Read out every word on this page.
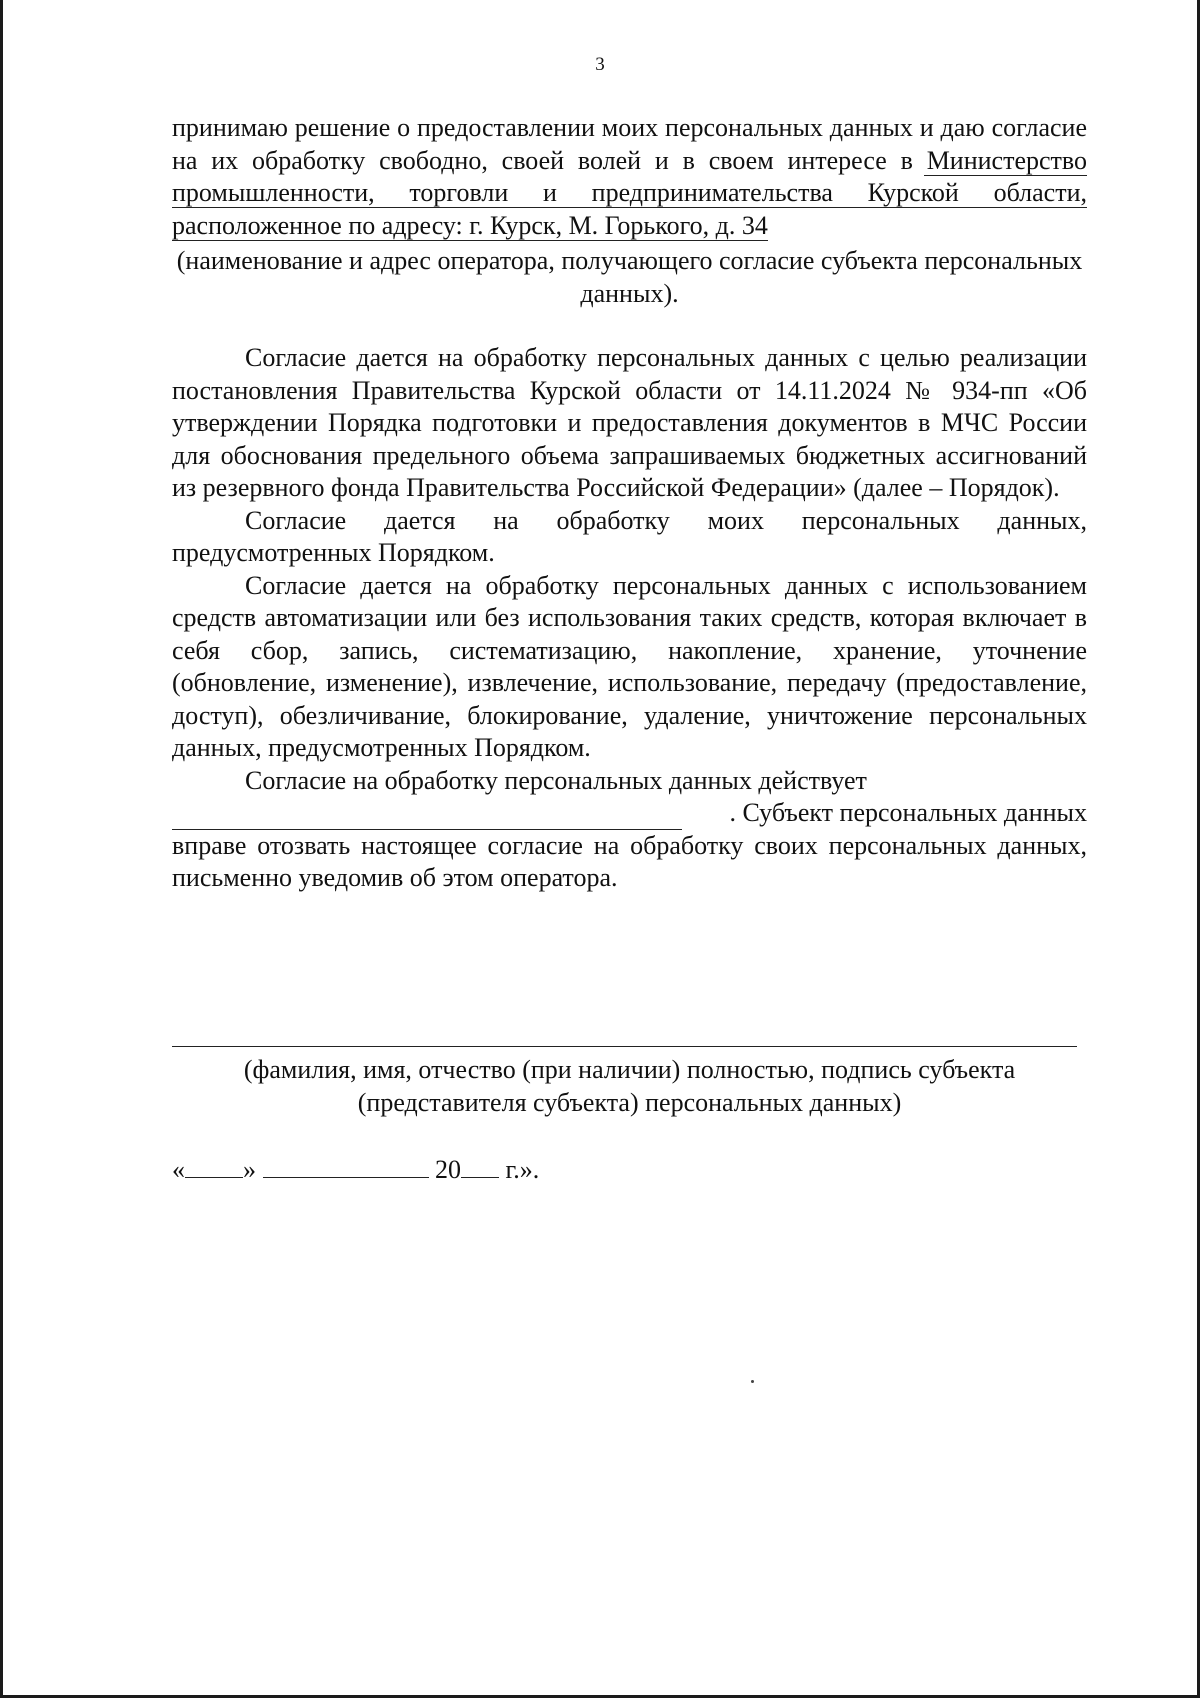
3

принимаю решение о предоставлении моих персональных данных и даю согласие на их обработку свободно, своей волей и в своем интересе в Министерство промышленности, торговли и предпринимательства Курской области, расположенное по адресу: г. Курск, М. Горького, д. 34

(наименование и адрес оператора, получающего согласие субъекта персональных данных).

Согласие дается на обработку персональных данных с целью реализации постановления Правительства Курской области от 14.11.2024 № 934-пп «Об утверждении Порядка подготовки и предоставления документов в МЧС России для обоснования предельного объема запрашиваемых бюджетных ассигнований из резервного фонда Правительства Российской Федерации» (далее – Порядок).

Согласие дается на обработку моих персональных данных, предусмотренных Порядком.

Согласие дается на обработку персональных данных с использованием средств автоматизации или без использования таких средств, которая включает в себя сбор, запись, систематизацию, накопление, хранение, уточнение (обновление, изменение), извлечение, использование, передачу (предоставление, доступ), обезличивание, блокирование, удаление, уничтожение персональных данных, предусмотренных Порядком.

Согласие на обработку персональных данных действует

. Субъект персональных данных

вправе отозвать настоящее согласие на обработку своих персональных данных, письменно уведомив об этом оператора.

(фамилия, имя, отчество (при наличии) полностью, подпись субъекта (представителя субъекта) персональных данных)
« »	20 г.».
